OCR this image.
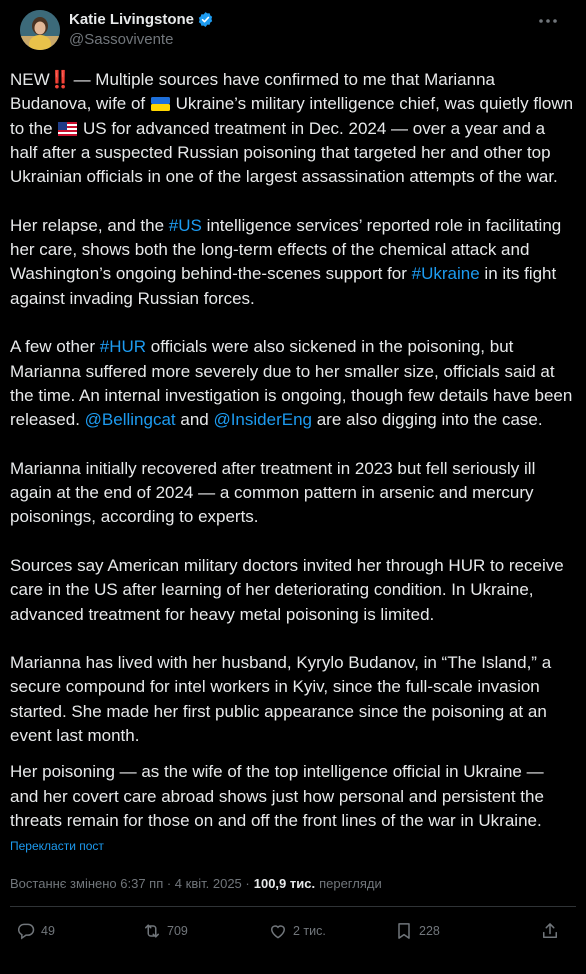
Katie Livingstone
@Sassovivente

NEW‼️ — Multiple sources have confirmed to me that Marianna Budanova, wife of  Ukraine’s military intelligence chief, was quietly flown to the  US for advanced treatment in Dec. 2024 — over a year and a half after a suspected Russian poisoning that targeted her and other top Ukrainian officials in one of the largest assassination attempts of the war.

Her relapse, and the #US intelligence services’ reported role in facilitating her care, shows both the long-term effects of the chemical attack and Washington’s ongoing behind-the-scenes support for #Ukraine in its fight against invading Russian forces.

A few other #HUR officials were also sickened in the poisoning, but Marianna suffered more severely due to her smaller size, officials said at the time. An internal investigation is ongoing, though few details have been released. @Bellingcat and @InsiderEng are also digging into the case.

Marianna initially recovered after treatment in 2023 but fell seriously ill again at the end of 2024 — a common pattern in arsenic and mercury poisonings, according to experts.

Sources say American military doctors invited her through HUR to receive care in the US after learning of her deteriorating condition. In Ukraine, advanced treatment for heavy metal poisoning is limited.

Marianna has lived with her husband, Kyrylo Budanov, in “The Island,” a secure compound for intel workers in Kyiv, since the full-scale invasion started. She made her first public appearance since the poisoning at an event last month.

Her poisoning — as the wife of the top intelligence official in Ukraine — and her covert care abroad shows just how personal and persistent the threats remain for those on and off the front lines of the war in Ukraine.

Перекласти пост
Востаннє змінено 6:37 пп · 4 квіт. 2025 · 100,9 тис. перегляди
49	709	2 тис.	228
